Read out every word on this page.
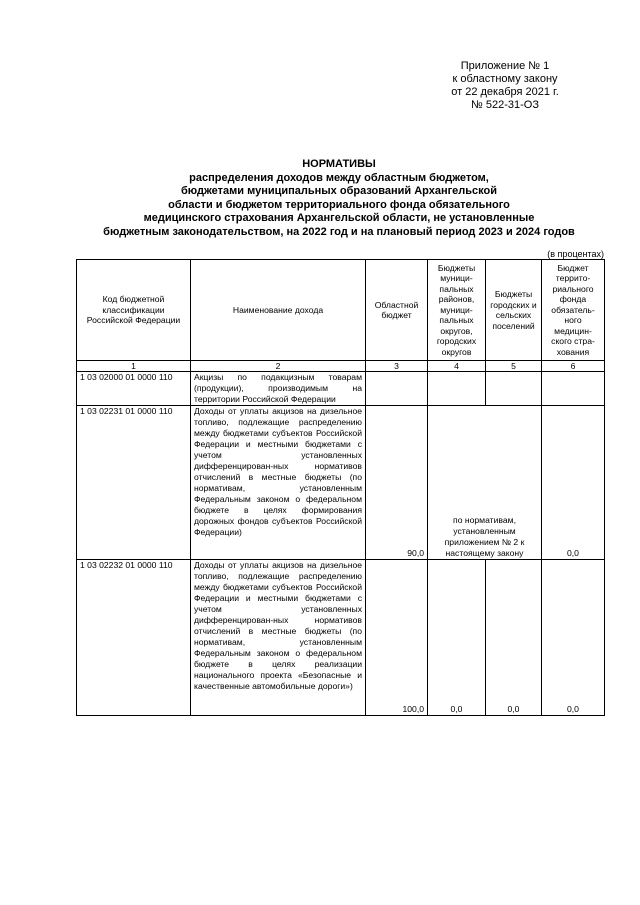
Приложение № 1
к областному закону
от 22 декабря 2021 г.
№ 522-31-ОЗ
НОРМАТИВЫ
распределения доходов между областным бюджетом,
бюджетами муниципальных образований Архангельской
области и бюджетом территориального фонда обязательного
медицинского страхования Архангельской области, не установленные
бюджетным законодательством, на 2022 год и на плановый период 2023 и 2024 годов
(в процентах)
Код бюджетной классификации Российской Федерации	Наименование дохода	Областной бюджет	Бюджеты муници-пальных районов, муници-пальных округов, городских округов	Бюджеты городских и сельских поселений	Бюджет террито-риального фонда обязатель-ного медицин-ского стра-хования
1	2	3	4	5	6
1 03 02000 01 0000 110	Акцизы по подакцизным товарам (продукции), производимым на территории Российской Федерации				
1 03 02231 01 0000 110	Доходы от уплаты акцизов на дизельное топливо, подлежащие распределению между бюджетами субъектов Российской Федерации и местными бюджетами с учетом установленных дифференцирован-ных нормативов отчислений в местные бюджеты (по нормативам, установленным Федеральным законом о федеральном бюджете в целях формирования дорожных фондов субъектов Российской Федерации)	90,0	по нормативам, установленным приложением № 2 к настоящему закону		0,0
1 03 02232 01 0000 110	Доходы от уплаты акцизов на дизельное топливо, подлежащие распределению между бюджетами субъектов Российской Федерации и местными бюджетами с учетом установленных дифференцирован-ных нормативов отчислений в местные бюджеты (по нормативам, установленным Федеральным законом о федеральном бюджете в целях реализации национального проекта «Безопасные и качественные автомобильные дороги»)	100,0	0,0	0,0	0,0
